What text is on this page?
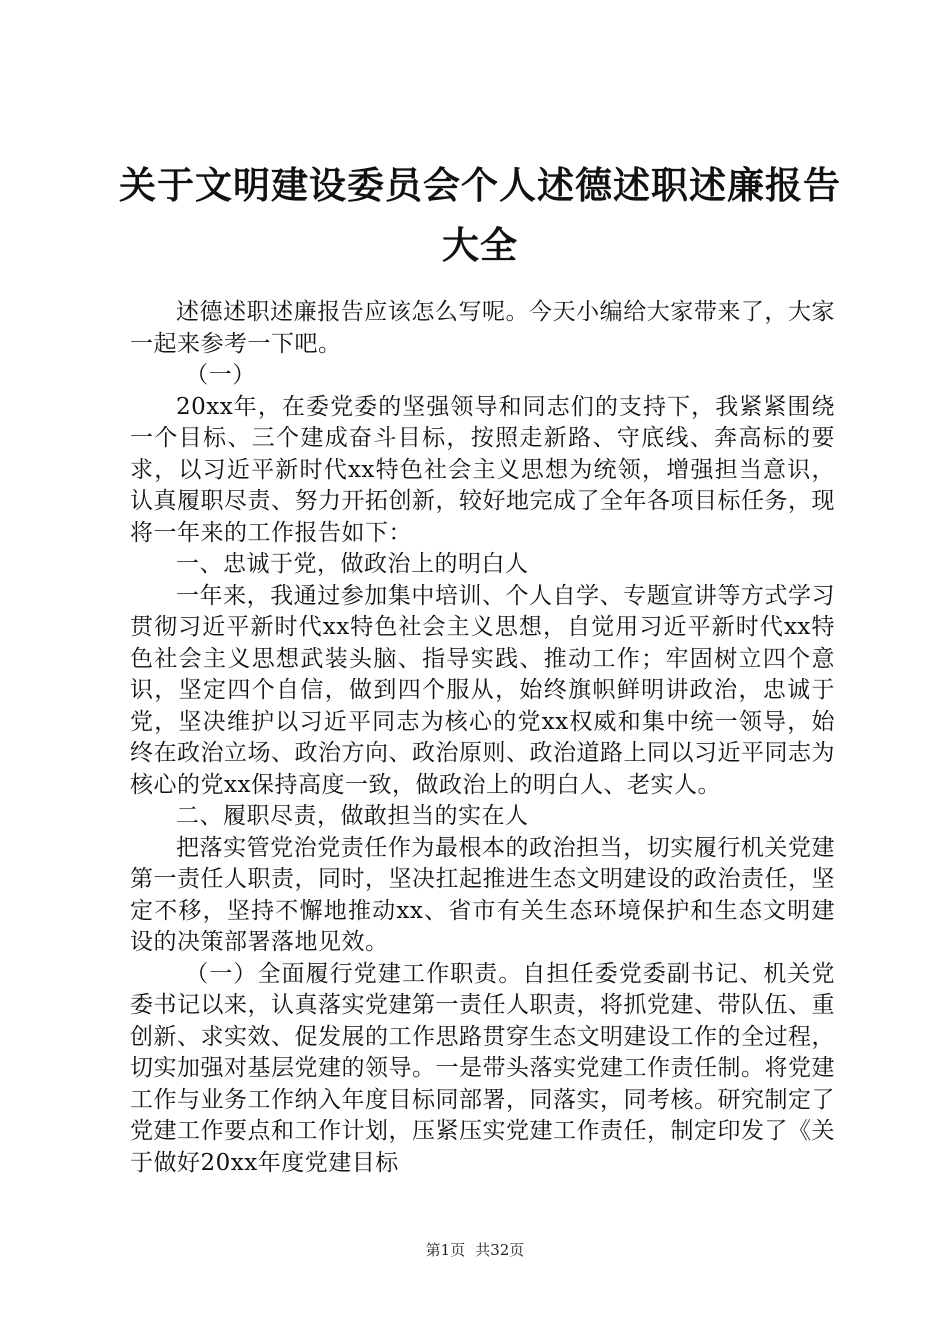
关于文明建设委员会个人述德述职述廉报告大全

述德述职述廉报告应该怎么写呢。今天小编给大家带来了，大家一起来参考一下吧。

（一）

20xx年，在委党委的坚强领导和同志们的支持下，我紧紧围绕一个目标、三个建成奋斗目标，按照走新路、守底线、奔高标的要求，以习近平新时代xx特色社会主义思想为统领，增强担当意识，认真履职尽责、努力开拓创新，较好地完成了全年各项目标任务，现将一年来的工作报告如下：

一、忠诚于党，做政治上的明白人

一年来，我通过参加集中培训、个人自学、专题宣讲等方式学习贯彻习近平新时代xx特色社会主义思想，自觉用习近平新时代xx特色社会主义思想武装头脑、指导实践、推动工作；牢固树立四个意识，坚定四个自信，做到四个服从，始终旗帜鲜明讲政治，忠诚于党，坚决维护以习近平同志为核心的党xx权威和集中统一领导，始终在政治立场、政治方向、政治原则、政治道路上同以习近平同志为核心的党xx保持高度一致，做政治上的明白人、老实人。

二、履职尽责，做敢担当的实在人

把落实管党治党责任作为最根本的政治担当，切实履行机关党建第一责任人职责，同时，坚决扛起推进生态文明建设的政治责任，坚定不移，坚持不懈地推动xx、省市有关生态环境保护和生态文明建设的决策部署落地见效。

（一）全面履行党建工作职责。自担任委党委副书记、机关党委书记以来，认真落实党建第一责任人职责，将抓党建、带队伍、重创新、求实效、促发展的工作思路贯穿生态文明建设工作的全过程，切实加强对基层党建的领导。一是带头落实党建工作责任制。将党建工作与业务工作纳入年度目标同部署，同落实，同考核。研究制定了党建工作要点和工作计划，压紧压实党建工作责任，制定印发了《关于做好20xx年度党建目标

第1页 共32页
